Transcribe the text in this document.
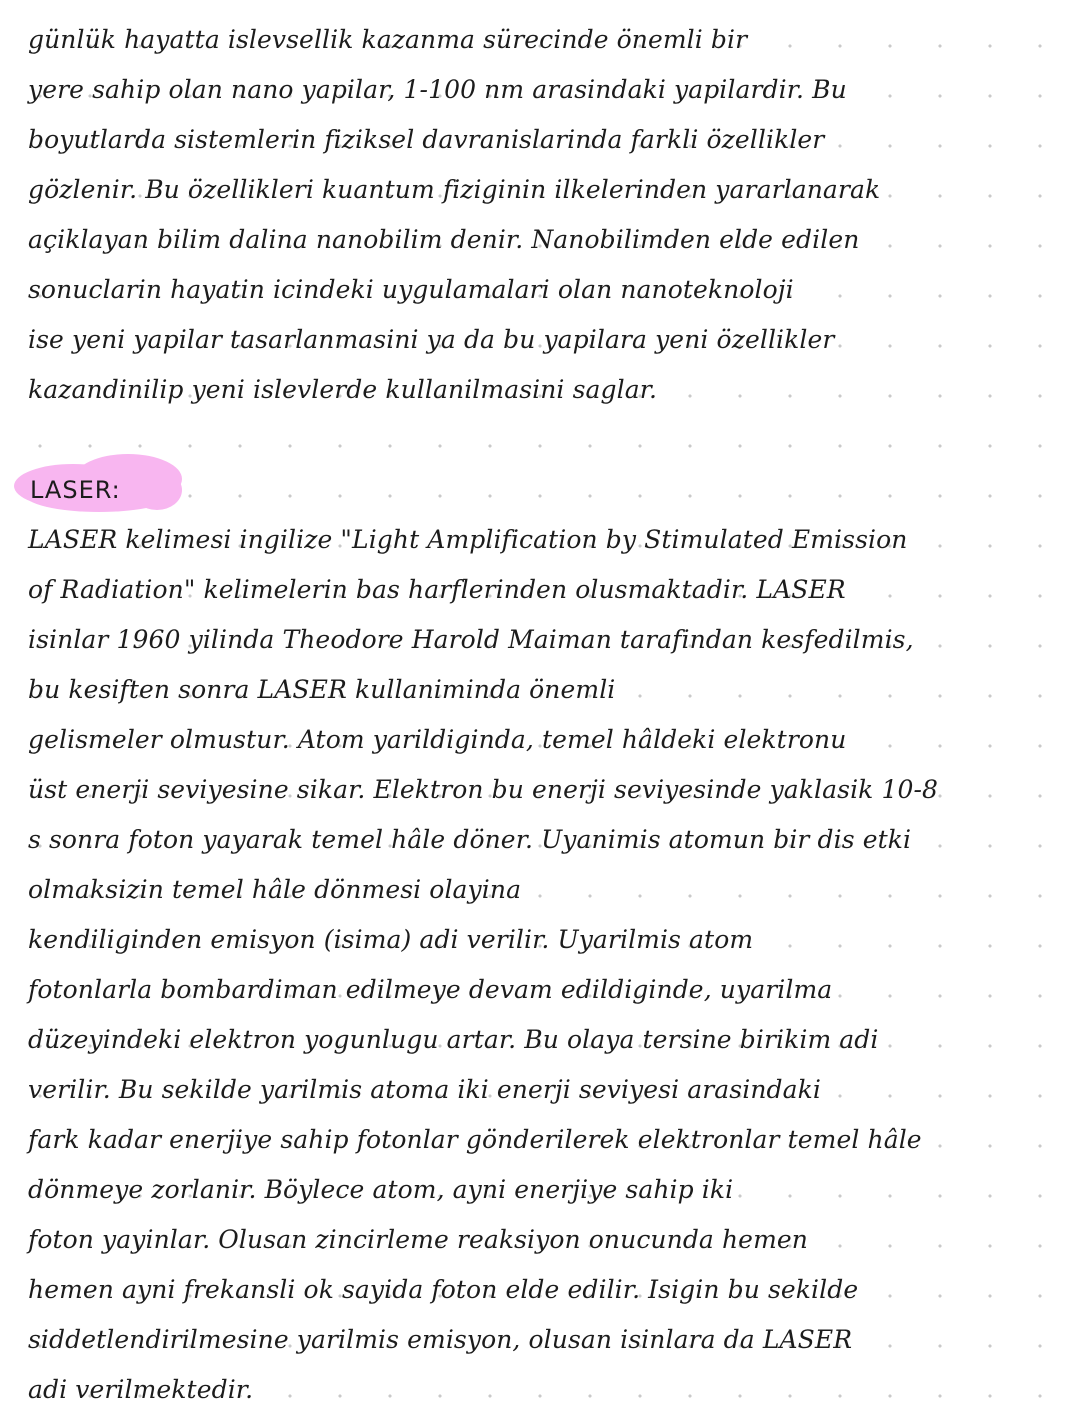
günlük hayatta islevsellik kazanma sürecinde önemli bir
yere sahip olan nano yapilar, 1-100 nm arasindaki yapilardir. Bu
boyutlarda sistemlerin fiziksel davranislarinda farkli özellikler
gözlenir. Bu özellikleri kuantum fiziginin ilkelerinden yararlanarak
açiklayan bilim dalina nanobilim denir. Nanobilimden elde edilen
sonuclarin hayatin icindeki uygulamalari olan nanoteknoloji
ise yeni yapilar tasarlanmasini ya da bu yapilara yeni özellikler
kazandinilip yeni islevlerde kullanilmasini saglar.
LASER:
LASER kelimesi ingilize "Light Amplification by Stimulated Emission
of Radiation" kelimelerin bas harflerinden olusmaktadir. LASER
isinlar 1960 yilinda Theodore Harold Maiman tarafindan kesfedilmis,
bu kesiften sonra LASER kullaniminda önemli
gelismeler olmustur. Atom yarildiginda, temel hâldeki elektronu
üst enerji seviyesine sikar. Elektron bu enerji seviyesinde yaklasik 10-8
s sonra foton yayarak temel hâle döner. Uyanimis atomun bir dis etki
olmaksizin temel hâle dönmesi olayina
kendiliginden emisyon (isima) adi verilir. Uyarilmis atom
fotonlarla bombardiman edilmeye devam edildiginde, uyarilma
düzeyindeki elektron yogunlugu artar. Bu olaya tersine birikim adi
verilir. Bu sekilde yarilmis atoma iki enerji seviyesi arasindaki
fark kadar enerjiye sahip fotonlar gönderilerek elektronlar temel hâle
dönmeye zorlanir. Böylece atom, ayni enerjiye sahip iki
foton yayinlar. Olusan zincirleme reaksiyon onucunda hemen
hemen ayni frekansli ok sayida foton elde edilir. Isigin bu sekilde
siddetlendirilmesine yarilmis emisyon, olusan isinlara da LASER
adi verilmektedir.
